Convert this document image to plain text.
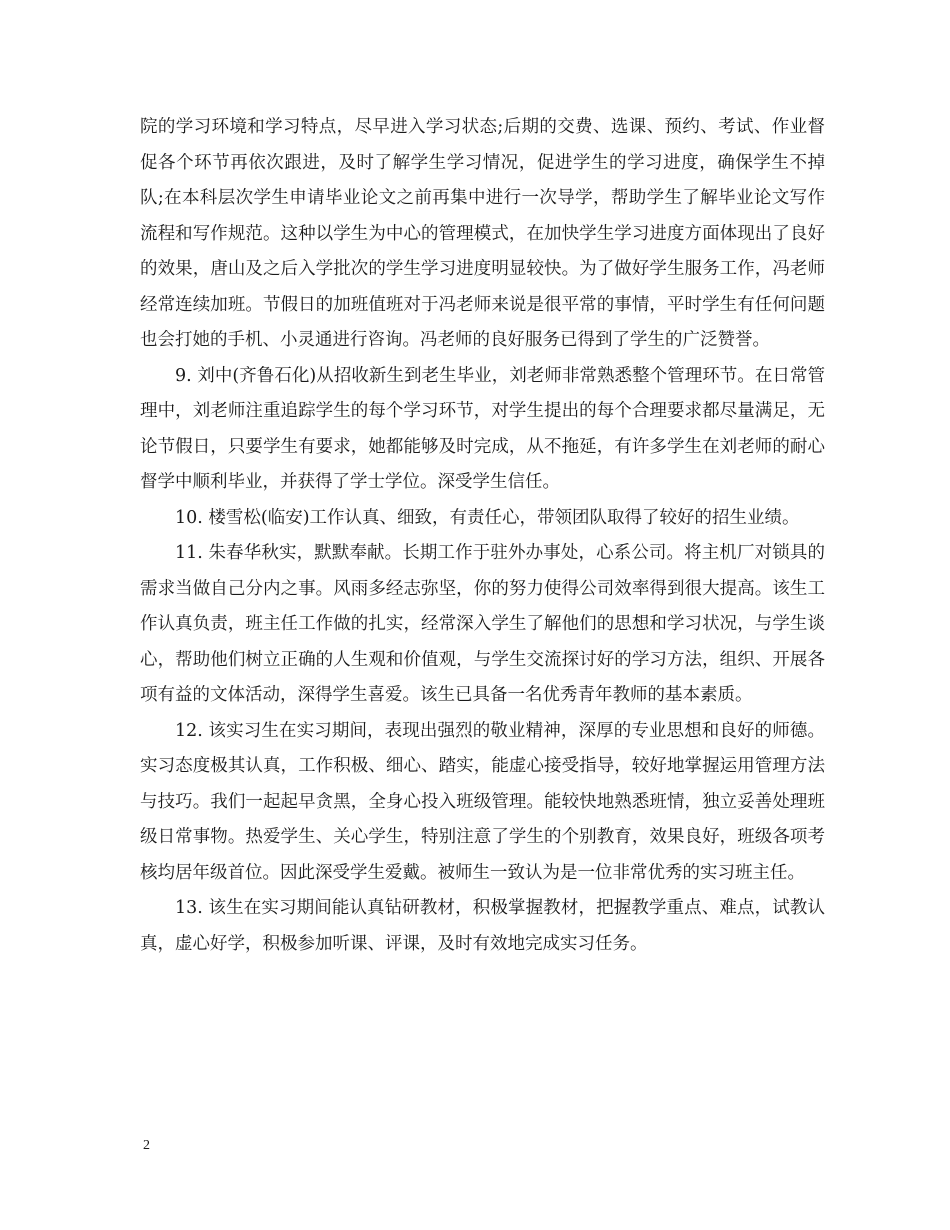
院的学习环境和学习特点，尽早进入学习状态;后期的交费、选课、预约、考试、作业督促各个环节再依次跟进，及时了解学生学习情况，促进学生的学习进度，确保学生不掉队;在本科层次学生申请毕业论文之前再集中进行一次导学，帮助学生了解毕业论文写作流程和写作规范。这种以学生为中心的管理模式，在加快学生学习进度方面体现出了良好的效果，唐山及之后入学批次的学生学习进度明显较快。为了做好学生服务工作，冯老师经常连续加班。节假日的加班值班对于冯老师来说是很平常的事情，平时学生有任何问题也会打她的手机、小灵通进行咨询。冯老师的良好服务已得到了学生的广泛赞誉。

9. 刘中(齐鲁石化)从招收新生到老生毕业，刘老师非常熟悉整个管理环节。在日常管理中，刘老师注重追踪学生的每个学习环节，对学生提出的每个合理要求都尽量满足，无论节假日，只要学生有要求，她都能够及时完成，从不拖延，有许多学生在刘老师的耐心督学中顺利毕业，并获得了学士学位。深受学生信任。

10. 楼雪松(临安)工作认真、细致，有责任心，带领团队取得了较好的招生业绩。

11. 朱春华秋实，默默奉献。长期工作于驻外办事处，心系公司。将主机厂对锁具的需求当做自己分内之事。风雨多经志弥坚，你的努力使得公司效率得到很大提高。该生工作认真负责，班主任工作做的扎实，经常深入学生了解他们的思想和学习状况，与学生谈心，帮助他们树立正确的人生观和价值观，与学生交流探讨好的学习方法，组织、开展各项有益的文体活动，深得学生喜爱。该生已具备一名优秀青年教师的基本素质。

12. 该实习生在实习期间，表现出强烈的敬业精神，深厚的专业思想和良好的师德。实习态度极其认真，工作积极、细心、踏实，能虚心接受指导，较好地掌握运用管理方法与技巧。我们一起起早贪黑，全身心投入班级管理。能较快地熟悉班情，独立妥善处理班级日常事物。热爱学生、关心学生，特别注意了学生的个别教育，效果良好，班级各项考核均居年级首位。因此深受学生爱戴。被师生一致认为是一位非常优秀的实习班主任。

13. 该生在实习期间能认真钻研教材，积极掌握教材，把握教学重点、难点，试教认真，虚心好学，积极参加听课、评课，及时有效地完成实习任务。

2
